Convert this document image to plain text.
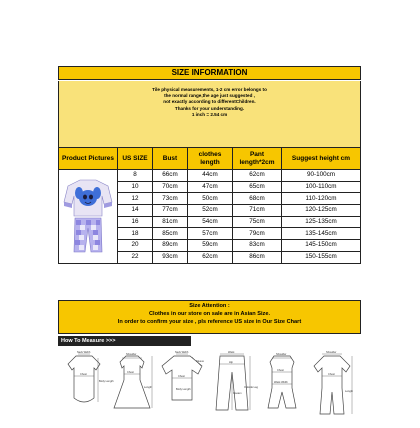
SIZE INFORMATION
Tile physical measurements, 1-2 cm error belongs to
the normal range,the age just suggested ,
not exactly according to differentChildren.
Thanks for your understanding.
1 inch = 2.54 cm
Product Pictures	US SIZE	Bust	clothes length	Pant length*2cm	Suggest height cm
	8	66cm	44cm	62cm	90-100cm
	10	70cm	47cm	65cm	100-110cm
	12	73cm	50cm	68cm	110-120cm
	14	77cm	52cm	71cm	120-125cm
	16	81cm	54cm	75cm	125-135cm
	18	85cm	57cm	79cm	135-145cm
	20	89cm	59cm	83cm	145-150cm
	22	93cm	62cm	86cm	150-155cm
Size Attention :
Clothes in our store on sale are in Asian Size.
In order to confirm your size , pls reference US size in Our Size Chart
How To Measure >>>
Neck Width
Chest
Body Length
Shoulder
Chest
Length
Neck Width
Sleeve
Chest
Body Length
Waist
Hip
Inseam
Outside Leg
Shoulder
Chest
Waist Width
Shoulder
Chest
Length
